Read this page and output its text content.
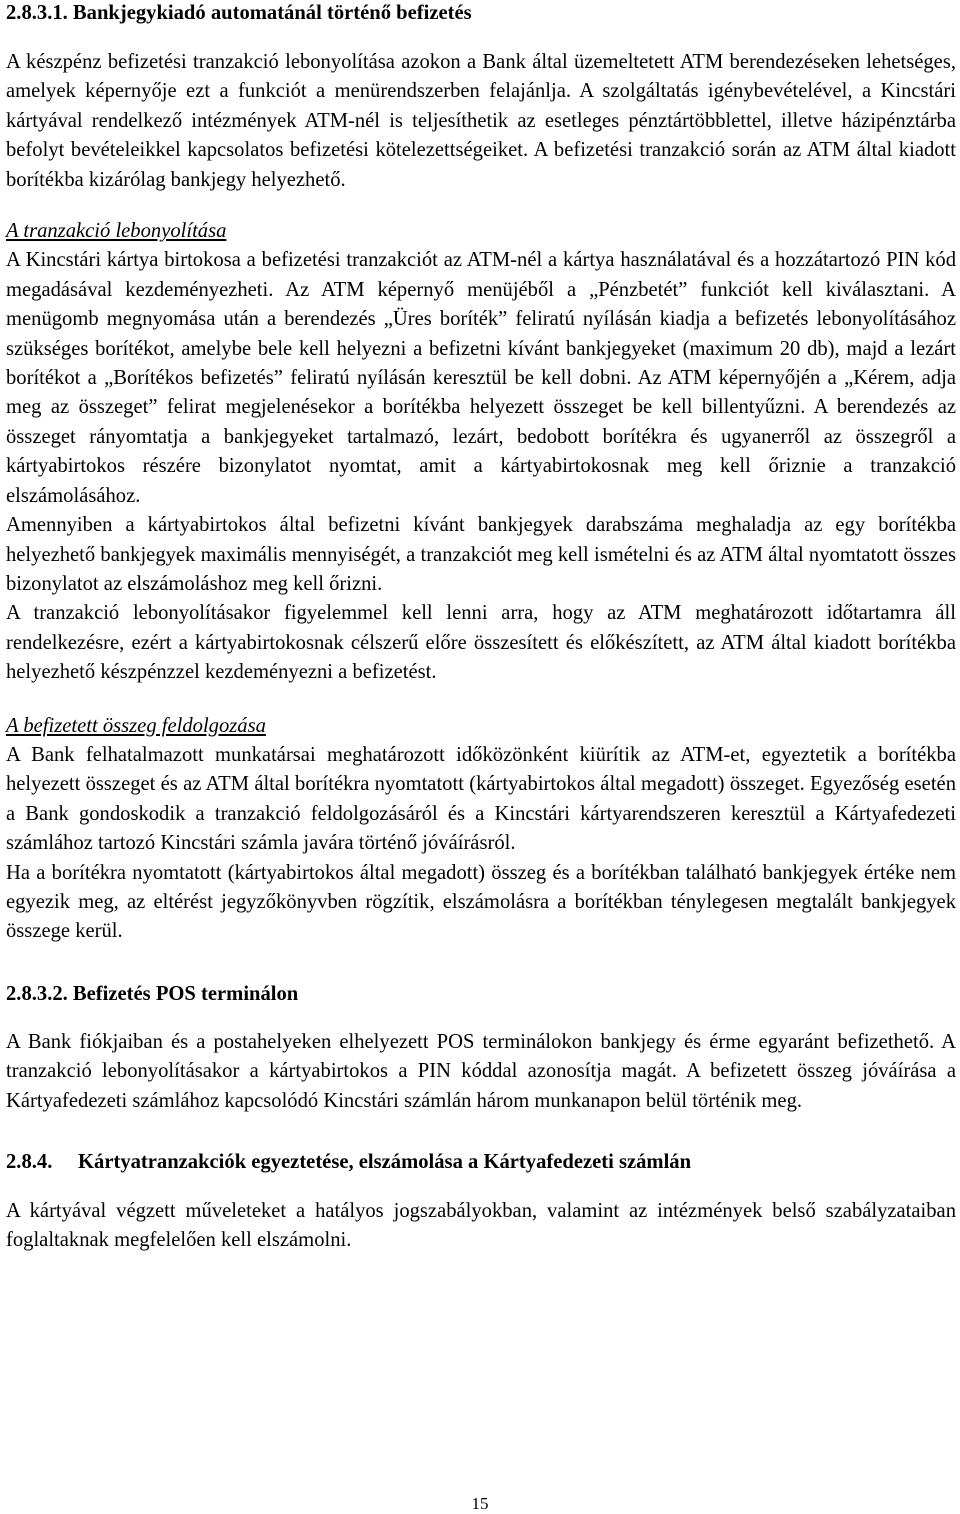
2.8.3.1. Bankjegykiadó automatánál történő befizetés

A készpénz befizetési tranzakció lebonyolítása azokon a Bank által üzemeltetett ATM berendezéseken lehetséges, amelyek képernyője ezt a funkciót a menürendszerben felajánlja. A szolgáltatás igénybevételével, a Kincstári kártyával rendelkező intézmények ATM-nél is teljesíthetik az esetleges pénztártöbblettel, illetve házipénztárba befolyt bevételeikkel kapcsolatos befizetési kötelezettségeiket. A befizetési tranzakció során az ATM által kiadott borítékba kizárólag bankjegy helyezhető.

A tranzakció lebonyolítása

A Kincstári kártya birtokosa a befizetési tranzakciót az ATM-nél a kártya használatával és a hozzátartozó PIN kód megadásával kezdeményezheti. Az ATM képernyő menüjéből a „Pénzbetét” funkciót kell kiválasztani. A menügomb megnyomása után a berendezés „Üres boríték” feliratú nyílásán kiadja a befizetés lebonyolításához szükséges borítékot, amelybe bele kell helyezni a befizetni kívánt bankjegyeket (maximum 20 db), majd a lezárt borítékot a „Borítékos befizetés” feliratú nyílásán keresztül be kell dobni. Az ATM képernyőjén a „Kérem, adja meg az összeget” felirat megjelenésekor a borítékba helyezett összeget be kell billentyűzni. A berendezés az összeget rányomtatja a bankjegyeket tartalmazó, lezárt, bedobott borítékra és ugyanerről az összegről a kártyabirtokos részére bizonylatot nyomtat, amit a kártyabirtokosnak meg kell őriznie a tranzakció elszámolásához.

Amennyiben a kártyabirtokos által befizetni kívánt bankjegyek darabszáma meghaladja az egy borítékba helyezhető bankjegyek maximális mennyiségét, a tranzakciót meg kell ismételni és az ATM által nyomtatott összes bizonylatot az elszámoláshoz meg kell őrizni.

A tranzakció lebonyolításakor figyelemmel kell lenni arra, hogy az ATM meghatározott időtartamra áll rendelkezésre, ezért a kártyabirtokosnak célszerű előre összesített és előkészített, az ATM által kiadott borítékba helyezhető készpénzzel kezdeményezni a befizetést.

A befizetett összeg feldolgozása

A Bank felhatalmazott munkatársai meghatározott időközönként kiürítik az ATM-et, egyeztetik a borítékba helyezett összeget és az ATM által borítékra nyomtatott (kártyabirtokos által megadott) összeget. Egyezőség esetén a Bank gondoskodik a tranzakció feldolgozásáról és a Kincstári kártyarendszeren keresztül a Kártyafedezeti számlához tartozó Kincstári számla javára történő jóváírásról.

Ha a borítékra nyomtatott (kártyabirtokos által megadott) összeg és a borítékban található bankjegyek értéke nem egyezik meg, az eltérést jegyzőkönyvben rögzítik, elszámolásra a borítékban ténylegesen megtalált bankjegyek összege kerül.

2.8.3.2. Befizetés POS terminálon

A Bank fiókjaiban és a postahelyeken elhelyezett POS terminálokon bankjegy és érme egyaránt befizethető. A tranzakció lebonyolításakor a kártyabirtokos a PIN kóddal azonosítja magát. A befizetett összeg jóváírása a Kártyafedezeti számlához kapcsolódó Kincstári számlán három munkanapon belül történik meg.

2.8.4. Kártyatranzakciók egyeztetése, elszámolása a Kártyafedezeti számlán

A kártyával végzett műveleteket a hatályos jogszabályokban, valamint az intézmények belső szabályzataiban foglaltaknak megfelelően kell elszámolni.

15
